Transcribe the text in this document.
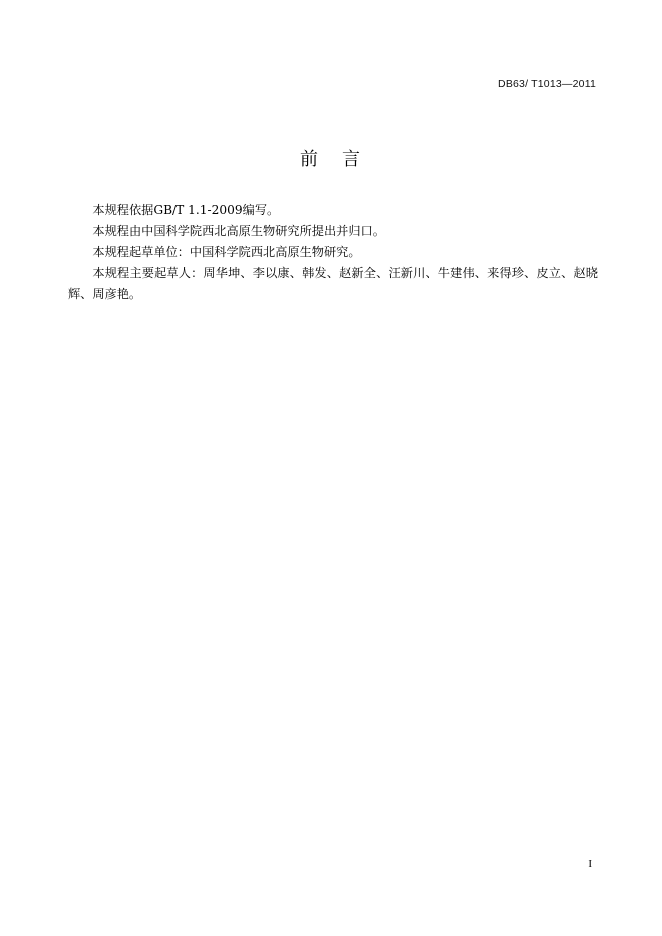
DB63/ T1013—2011
前 言

本规程依据GB/T 1.1-2009编写。

本规程由中国科学院西北高原生物研究所提出并归口。

本规程起草单位：中国科学院西北高原生物研究。

本规程主要起草人：周华坤、李以康、韩发、赵新全、汪新川、牛建伟、来得珍、皮立、赵晓辉、周彦艳。

I
